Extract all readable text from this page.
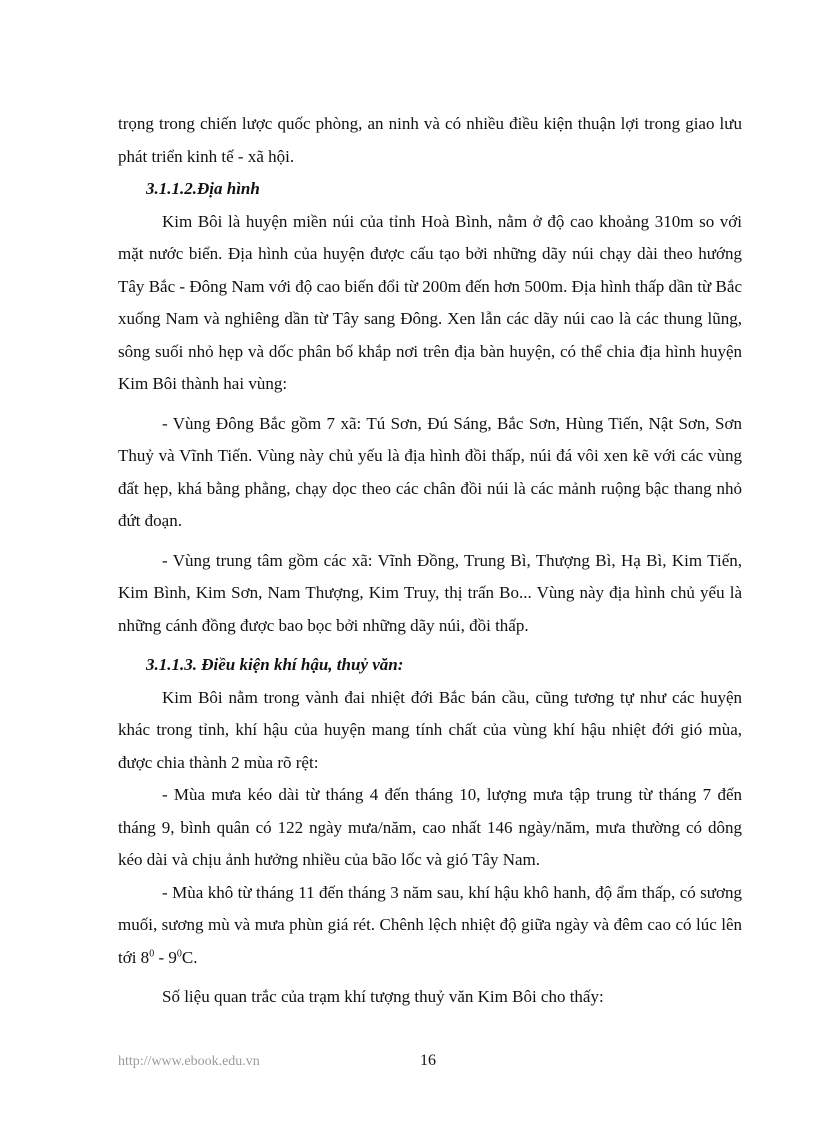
trọng trong chiến lược quốc phòng, an ninh và có nhiều điều kiện thuận lợi trong giao lưu phát triển kinh tế - xã hội.

3.1.1.2.Địa hình

Kim Bôi là huyện miền núi của tỉnh Hoà Bình, nằm ở độ cao khoảng 310m so với mặt nước biển. Địa hình của huyện được cấu tạo bởi những dãy núi chạy dài theo hướng Tây Bắc - Đông Nam với độ cao biến đổi từ 200m đến hơn 500m. Địa hình thấp dần từ Bắc xuống Nam và nghiêng dần từ Tây sang Đông. Xen lẫn các dãy núi cao là các thung lũng, sông suối nhỏ hẹp và dốc phân bố khắp nơi trên địa bàn huyện, có thể chia địa hình huyện Kim Bôi thành hai vùng:

- Vùng Đông Bắc gồm 7 xã: Tú Sơn, Đú Sáng, Bắc Sơn, Hùng Tiến, Nật Sơn, Sơn Thuỷ và Vĩnh Tiến. Vùng này chủ yếu là địa hình đồi thấp, núi đá vôi xen kẽ với các vùng đất hẹp, khá bằng phẳng, chạy dọc theo các chân đồi núi là các mảnh ruộng bậc thang nhỏ đứt đoạn.

- Vùng trung tâm gồm các xã: Vĩnh Đồng, Trung Bì, Thượng Bì, Hạ Bì, Kim Tiến, Kim Bình, Kim Sơn, Nam Thượng, Kim Truy, thị trấn Bo... Vùng này địa hình chủ yếu là những cánh đồng được bao bọc bởi những dãy núi, đồi thấp.

3.1.1.3. Điều kiện khí hậu, thuỷ văn:

Kim Bôi nằm trong vành đai nhiệt đới Bắc bán cầu, cũng tương tự như các huyện khác trong tỉnh, khí hậu của huyện mang tính chất của vùng khí hậu nhiệt đới gió mùa, được chia thành 2 mùa rõ rệt:

- Mùa mưa kéo dài từ tháng 4 đến tháng 10, lượng mưa tập trung từ tháng 7 đến tháng 9, bình quân có 122 ngày mưa/năm, cao nhất 146 ngày/năm, mưa thường có dông kéo dài và chịu ảnh hưởng nhiều của bão lốc và gió Tây Nam.

- Mùa khô từ tháng 11 đến tháng 3 năm sau, khí hậu khô hanh, độ ẩm thấp, có sương muối, sương mù và mưa phùn giá rét. Chênh lệch nhiệt độ giữa ngày và đêm cao có lúc lên tới $8^0 - 9^0C$.

Số liệu quan trắc của trạm khí tượng thuỷ văn Kim Bôi cho thấy:

http://www.ebook.edu.vn	16
